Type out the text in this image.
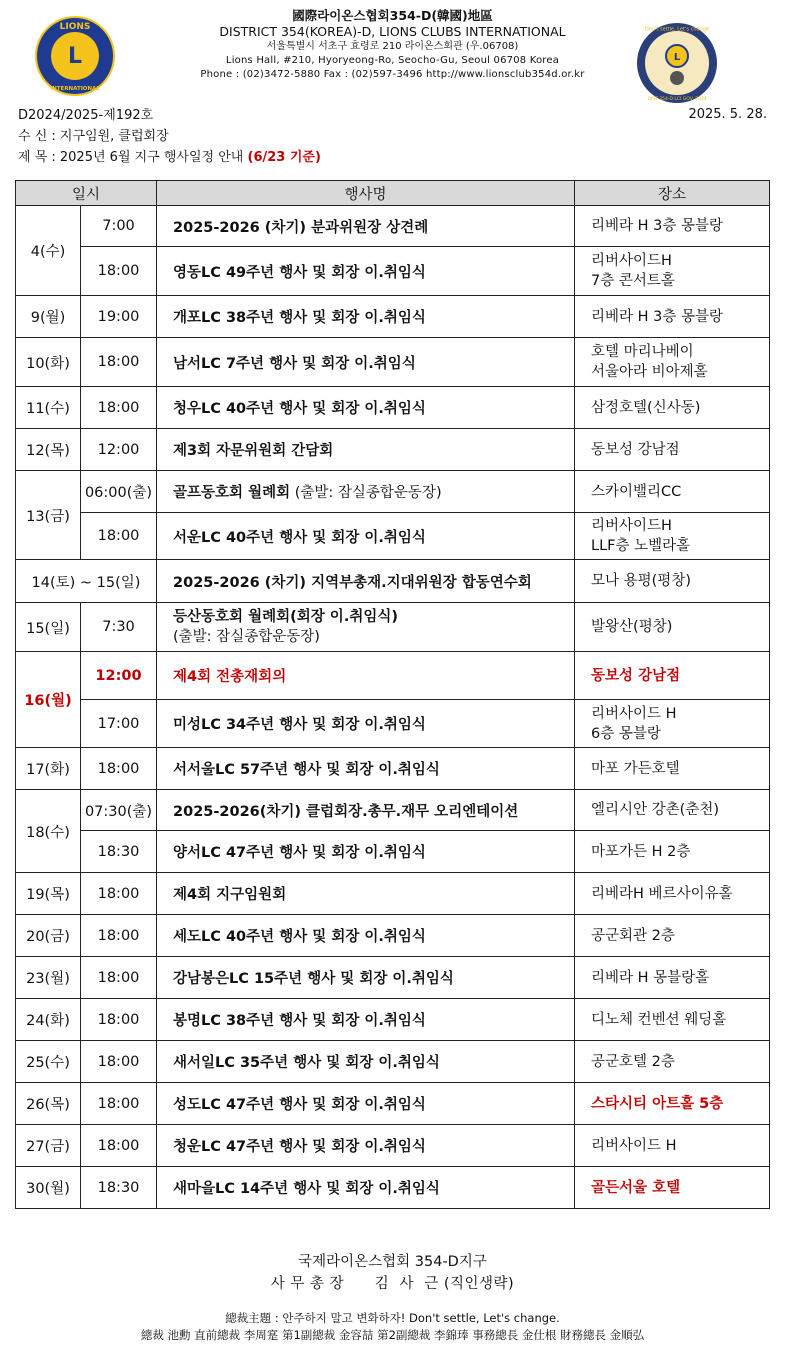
L
LIONS
INTERNATIONAL
國際라이온스협회354-D(韓國)地區
DISTRICT 354(KOREA)-D, LIONS CLUBS INTERNATIONAL
서울특별시 서초구 효령로 210 라이온스회관 (우.06708)
Lions Hall, #210, Hyoryeong-Ro, Seocho-Gu, Seoul 06708 Korea
Phone : (02)3472-5880 Fax : (02)597-3496 http://www.lionsclub354d.or.kr
L
Don't settle, Let's change
DIST 354-D LCI GOV. 2024
D2024/2025-제192호	2025. 5. 28.
수 신 : 지구임원, 클럽회장
제 목 : 2025년 6월 지구 행사일정 안내 (6/23 기준)
일시		행사명	장소
4(수)	7:00	2025-2026 (차기) 분과위원장 상견례	리베라 H 3층 몽블랑
	18:00	영동LC 49주년 행사 및 회장 이.취임식	리버사이드H
7층 콘서트홀

9(월)	19:00	개포LC 38주년 행사 및 회장 이.취임식	리베라 H 3층 몽블랑
10(화)	18:00	남서LC 7주년 행사 및 회장 이.취임식	호텔 마리나베이
서울아라 비아제홀

11(수)	18:00	청우LC 40주년 행사 및 회장 이.취임식	삼정호텔(신사동)
12(목)	12:00	제3회 자문위원회 간담회	동보성 강남점
13(금)	06:00(출)	골프동호회 월례회 (출발: 잠실종합운동장)	스카이밸리CC
	18:00	서운LC 40주년 행사 및 회장 이.취임식	리버사이드H
LLF층 노벨라홀

14(토) ~ 15(일)		2025-2026 (차기) 지역부총재.지대위원장 합동연수회	모나 용평(평창)
15(일)	7:30	등산동호회 월례회(회장 이.취임식)
(출발: 잠실종합운동장)	발왕산(평창)
16(월)	12:00	제4회 전총재회의	동보성 강남점
	17:00	미성LC 34주년 행사 및 회장 이.취임식	리버사이드 H
6층 몽블랑

17(화)	18:00	서서울LC 57주년 행사 및 회장 이.취임식	마포 가든호텔
18(수)	07:30(출)	2025-2026(차기) 클럽회장.총무.재무 오리엔테이션	엘리시안 강촌(춘천)
	18:30	양서LC 47주년 행사 및 회장 이.취임식	마포가든 H 2층
19(목)	18:00	제4회 지구임원회	리베라H 베르사이유홀
20(금)	18:00	세도LC 40주년 행사 및 회장 이.취임식	공군회관 2층
23(월)	18:00	강남봉은LC 15주년 행사 및 회장 이.취임식	리베라 H 몽블랑홀
24(화)	18:00	봉명LC 38주년 행사 및 회장 이.취임식	디노체 컨벤션 웨딩홀
25(수)	18:00	새서일LC 35주년 행사 및 회장 이.취임식	공군호텔 2층
26(목)	18:00	성도LC 47주년 행사 및 회장 이.취임식	스타시티 아트홀 5층
27(금)	18:00	청운LC 47주년 행사 및 회장 이.취임식	리버사이드 H
30(월)	18:30	새마을LC 14주년 행사 및 회장 이.취임식	골든서울 호텔
국제라이온스협회 354-D지구
사 무 총 장      김  사  근 (직인생략)
總裁主題 : 안주하지 말고 변화하자! Don't settle, Let's change.
總裁 池勳 直前總裁 李周寔 第1副總裁 金容喆 第2副總裁 李錦琫 事務總長 金仕根 財務總長 金順弘
